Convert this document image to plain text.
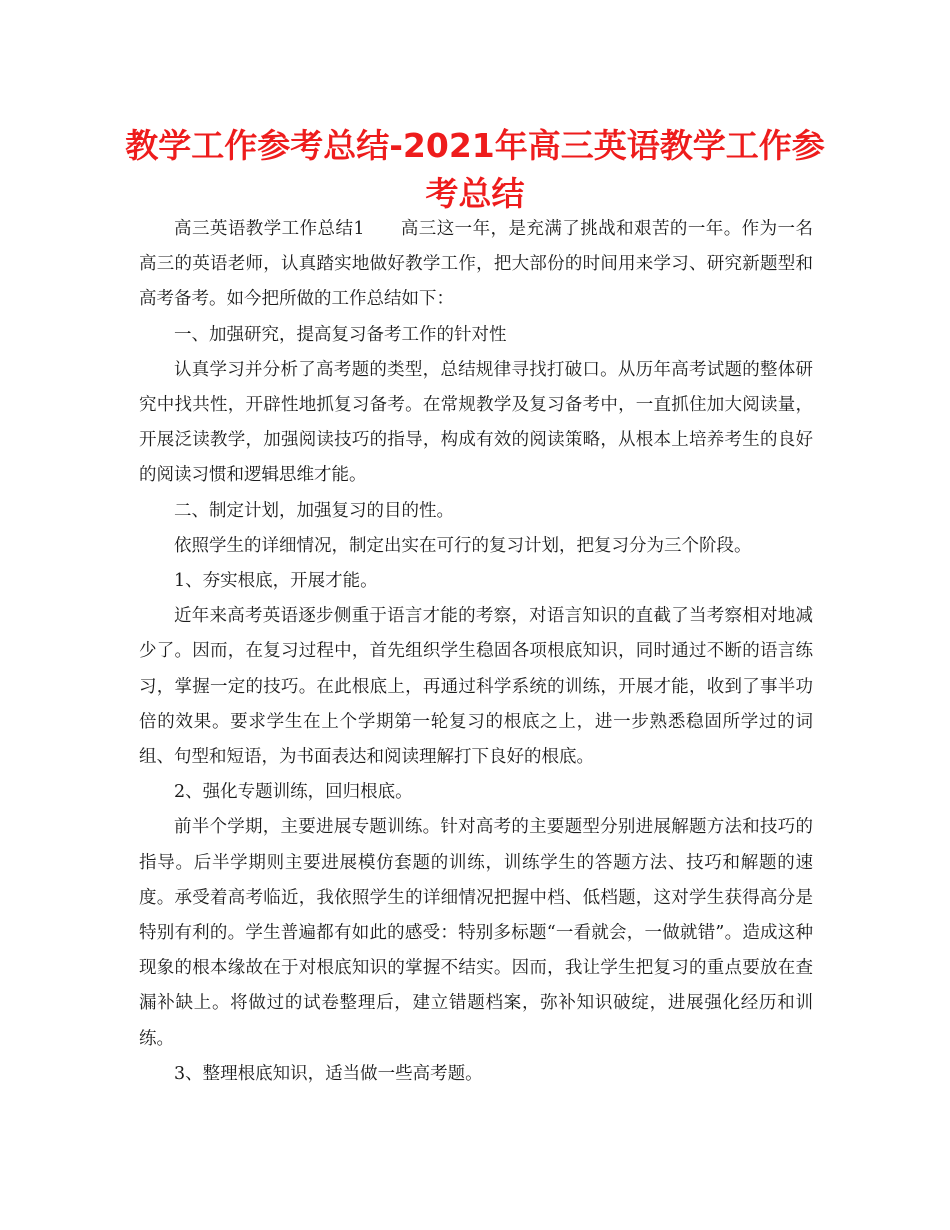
教学工作参考总结-2021年高三英语教学工作参考总结

高三英语教学工作总结1　　高三这一年，是充满了挑战和艰苦的一年。作为一名高三的英语老师，认真踏实地做好教学工作，把大部份的时间用来学习、研究新题型和高考备考。如今把所做的工作总结如下：

一、加强研究，提高复习备考工作的针对性

认真学习并分析了高考题的类型，总结规律寻找打破口。从历年高考试题的整体研究中找共性，开辟性地抓复习备考。在常规教学及复习备考中，一直抓住加大阅读量，开展泛读教学，加强阅读技巧的指导，构成有效的阅读策略，从根本上培养考生的良好的阅读习惯和逻辑思维才能。

二、制定计划，加强复习的目的性。

依照学生的详细情况，制定出实在可行的复习计划，把复习分为三个阶段。

1、夯实根底，开展才能。

近年来高考英语逐步侧重于语言才能的考察，对语言知识的直截了当考察相对地减少了。因而，在复习过程中，首先组织学生稳固各项根底知识，同时通过不断的语言练习，掌握一定的技巧。在此根底上，再通过科学系统的训练，开展才能，收到了事半功倍的效果。要求学生在上个学期第一轮复习的根底之上，进一步熟悉稳固所学过的词组、句型和短语，为书面表达和阅读理解打下良好的根底。

2、强化专题训练，回归根底。

前半个学期，主要进展专题训练。针对高考的主要题型分别进展解题方法和技巧的指导。后半学期则主要进展模仿套题的训练，训练学生的答题方法、技巧和解题的速度。承受着高考临近，我依照学生的详细情况把握中档、低档题，这对学生获得高分是特别有利的。学生普遍都有如此的感受：特别多标题“一看就会，一做就错”。造成这种现象的根本缘故在于对根底知识的掌握不结实。因而，我让学生把复习的重点要放在查漏补缺上。将做过的试卷整理后，建立错题档案，弥补知识破绽，进展强化经历和训练。

3、整理根底知识，适当做一些高考题。
